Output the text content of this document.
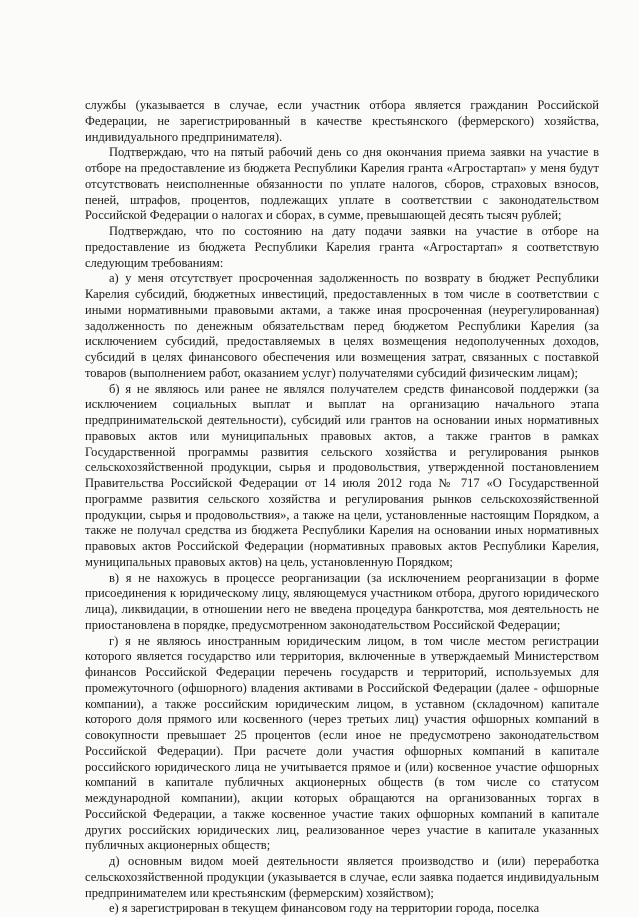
службы (указывается в случае, если участник отбора является гражданин Российской Федерации, не зарегистрированный в качестве крестьянского (фермерского) хозяйства, индивидуального предпринимателя).

Подтверждаю, что на пятый рабочий день со дня окончания приема заявки на участие в отборе на предоставление из бюджета Республики Карелия гранта «Агростартап» у меня будут отсутствовать неисполненные обязанности по уплате налогов, сборов, страховых взносов, пеней, штрафов, процентов, подлежащих уплате в соответствии с законодательством Российской Федерации о налогах и сборах, в сумме, превышающей десять тысяч рублей;

Подтверждаю, что по состоянию на дату подачи заявки на участие в отборе на предоставление из бюджета Республики Карелия гранта «Агростартап» я соответствую следующим требованиям:

а) у меня отсутствует просроченная задолженность по возврату в бюджет Республики Карелия субсидий, бюджетных инвестиций, предоставленных в том числе в соответствии с иными нормативными правовыми актами, а также иная просроченная (неурегулированная) задолженность по денежным обязательствам перед бюджетом Республики Карелия (за исключением субсидий, предоставляемых в целях возмещения недополученных доходов, субсидий в целях финансового обеспечения или возмещения затрат, связанных с поставкой товаров (выполнением работ, оказанием услуг) получателями субсидий физическим лицам);

б) я не являюсь или ранее не являлся получателем средств финансовой поддержки (за исключением социальных выплат и выплат на организацию начального этапа предпринимательской деятельности), субсидий или грантов на основании иных нормативных правовых актов или муниципальных правовых актов, а также грантов в рамках Государственной программы развития сельского хозяйства и регулирования рынков сельскохозяйственной продукции, сырья и продовольствия, утвержденной постановлением Правительства Российской Федерации от 14 июля 2012 года № 717 «О Государственной программе развития сельского хозяйства и регулирования рынков сельскохозяйственной продукции, сырья и продовольствия», а также на цели, установленные настоящим Порядком, а также не получал средства из бюджета Республики Карелия на основании иных нормативных правовых актов Российской Федерации (нормативных правовых актов Республики Карелия, муниципальных правовых актов) на цель, установленную Порядком;

в) я не нахожусь в процессе реорганизации (за исключением реорганизации в форме присоединения к юридическому лицу, являющемуся участником отбора, другого юридического лица), ликвидации, в отношении него не введена процедура банкротства, моя деятельность не приостановлена в порядке, предусмотренном законодательством Российской Федерации;

г) я не являюсь иностранным юридическим лицом, в том числе местом регистрации которого является государство или территория, включенные в утверждаемый Министерством финансов Российской Федерации перечень государств и территорий, используемых для промежуточного (офшорного) владения активами в Российской Федерации (далее - офшорные компании), а также российским юридическим лицом, в уставном (складочном) капитале которого доля прямого или косвенного (через третьих лиц) участия офшорных компаний в совокупности превышает 25 процентов (если иное не предусмотрено законодательством Российской Федерации). При расчете доли участия офшорных компаний в капитале российского юридического лица не учитывается прямое и (или) косвенное участие офшорных компаний в капитале публичных акционерных обществ (в том числе со статусом международной компании), акции которых обращаются на организованных торгах в Российской Федерации, а также косвенное участие таких офшорных компаний в капитале других российских юридических лиц, реализованное через участие в капитале указанных публичных акционерных обществ;

д) основным видом моей деятельности является производство и (или) переработка сельскохозяйственной продукции (указывается в случае, если заявка подается индивидуальным предпринимателем или крестьянским (фермерским) хозяйством);

е) я зарегистрирован в текущем финансовом году на территории города, поселка
